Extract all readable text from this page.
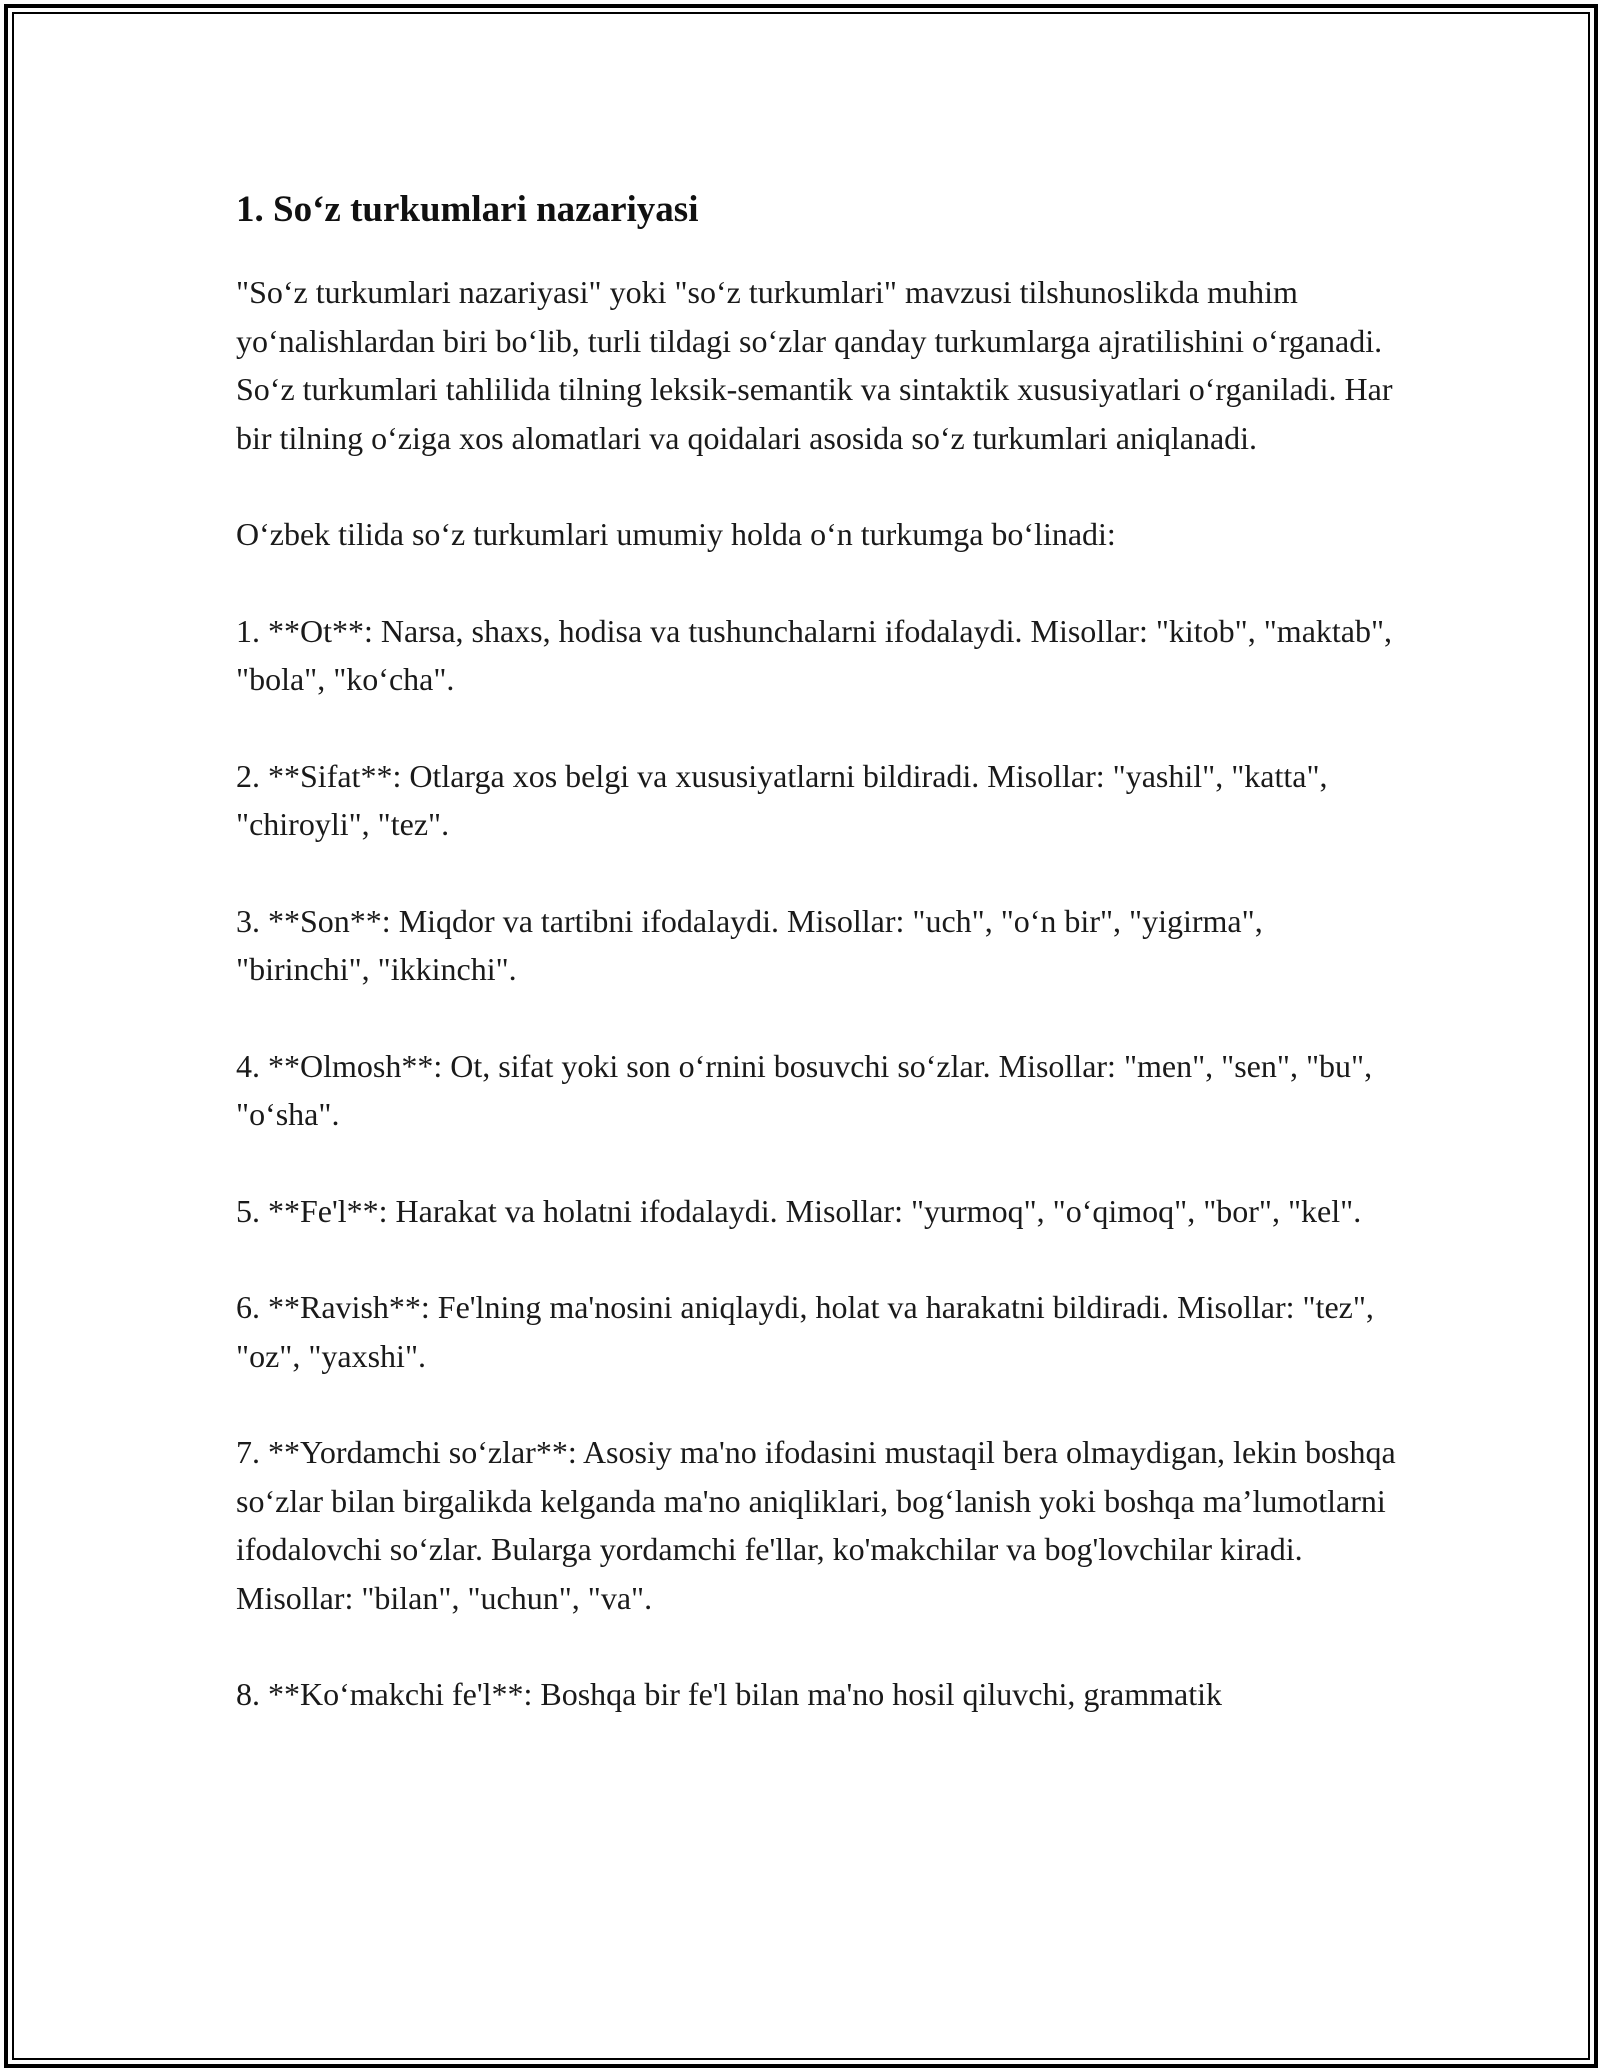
1. So‘z turkumlari nazariyasi

"So‘z turkumlari nazariyasi" yoki "so‘z turkumlari" mavzusi tilshunoslikda muhim yo‘nalishlardan biri bo‘lib, turli tildagi so‘zlar qanday turkumlarga ajratilishini o‘rganadi. So‘z turkumlari tahlilida tilning leksik-semantik va sintaktik xususiyatlari o‘rganiladi. Har bir tilning o‘ziga xos alomatlari va qoidalari asosida so‘z turkumlari aniqlanadi.

O‘zbek tilida so‘z turkumlari umumiy holda o‘n turkumga bo‘linadi:

1. **Ot**: Narsa, shaxs, hodisa va tushunchalarni ifodalaydi. Misollar: "kitob", "maktab", "bola", "ko‘cha".

2. **Sifat**: Otlarga xos belgi va xususiyatlarni bildiradi. Misollar: "yashil", "katta", "chiroyli", "tez".

3. **Son**: Miqdor va tartibni ifodalaydi. Misollar: "uch", "o‘n bir", "yigirma", "birinchi", "ikkinchi".

4. **Olmosh**: Ot, sifat yoki son o‘rnini bosuvchi so‘zlar. Misollar: "men", "sen", "bu", "o‘sha".

5. **Fe'l**: Harakat va holatni ifodalaydi. Misollar: "yurmoq", "o‘qimoq", "bor", "kel".

6. **Ravish**: Fe'lning ma'nosini aniqlaydi, holat va harakatni bildiradi. Misollar: "tez", "oz", "yaxshi".

7. **Yordamchi so‘zlar**: Asosiy ma'no ifodasini mustaqil bera olmaydigan, lekin boshqa so‘zlar bilan birgalikda kelganda ma'no aniqliklari, bog‘lanish yoki boshqa ma’lumotlarni ifodalovchi so‘zlar. Bularga yordamchi fe'llar, ko'makchilar va bog'lovchilar kiradi. Misollar: "bilan", "uchun", "va".

8. **Ko‘makchi fe'l**: Boshqa bir fe'l bilan ma'no hosil qiluvchi, grammatik
